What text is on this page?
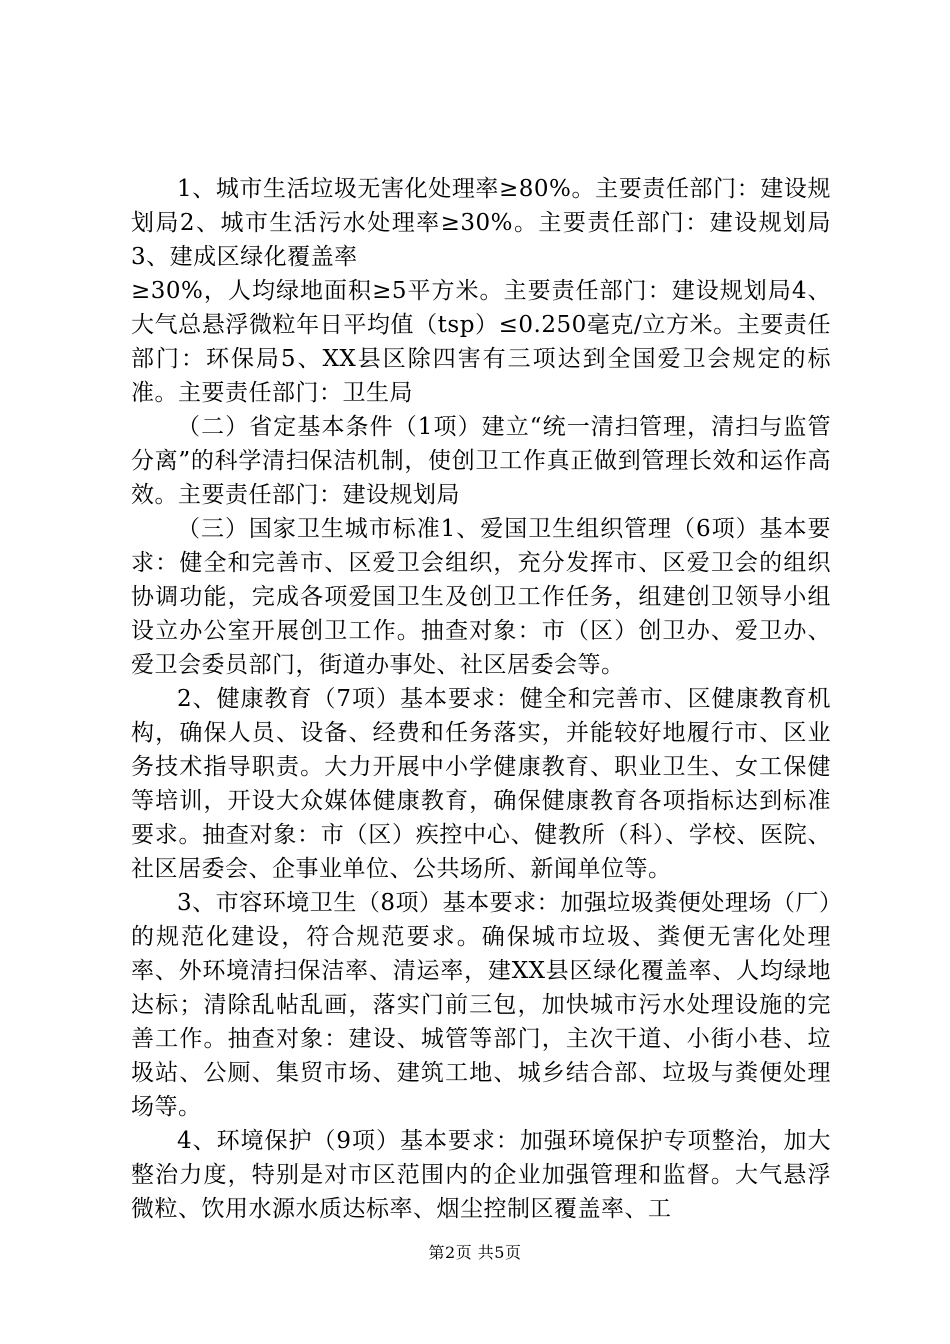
1、城市生活垃圾无害化处理率≥80%。主要责任部门：建设规划局2、城市生活污水处理率≥30%。主要责任部门：建设规划局3、建成区绿化覆盖率

≥30%，人均绿地面积≥5平方米。主要责任部门：建设规划局4、大气总悬浮微粒年日平均值（tsp）≤0.250毫克/立方米。主要责任部门：环保局5、XX县区除四害有三项达到全国爱卫会规定的标准。主要责任部门：卫生局

（二）省定基本条件（1项）建立“统一清扫管理，清扫与监管分离”的科学清扫保洁机制，使创卫工作真正做到管理长效和运作高效。主要责任部门：建设规划局

（三）国家卫生城市标准1、爱国卫生组织管理（6项）基本要求：健全和完善市、区爱卫会组织，充分发挥市、区爱卫会的组织协调功能，完成各项爱国卫生及创卫工作任务，组建创卫领导小组设立办公室开展创卫工作。抽查对象：市（区）创卫办、爱卫办、爱卫会委员部门，街道办事处、社区居委会等。

2、健康教育（7项）基本要求：健全和完善市、区健康教育机构，确保人员、设备、经费和任务落实，并能较好地履行市、区业务技术指导职责。大力开展中小学健康教育、职业卫生、女工保健等培训，开设大众媒体健康教育，确保健康教育各项指标达到标准要求。抽查对象：市（区）疾控中心、健教所（科）、学校、医院、社区居委会、企事业单位、公共场所、新闻单位等。

3、市容环境卫生（8项）基本要求：加强垃圾粪便处理场（厂）的规范化建设，符合规范要求。确保城市垃圾、粪便无害化处理率、外环境清扫保洁率、清运率，建XX县区绿化覆盖率、人均绿地达标；清除乱帖乱画，落实门前三包，加快城市污水处理设施的完善工作。抽查对象：建设、城管等部门，主次干道、小街小巷、垃圾站、公厕、集贸市场、建筑工地、城乡结合部、垃圾与粪便处理场等。

4、环境保护（9项）基本要求：加强环境保护专项整治，加大整治力度，特别是对市区范围内的企业加强管理和监督。大气悬浮微粒、饮用水源水质达标率、烟尘控制区覆盖率、工

第2页 共5页
